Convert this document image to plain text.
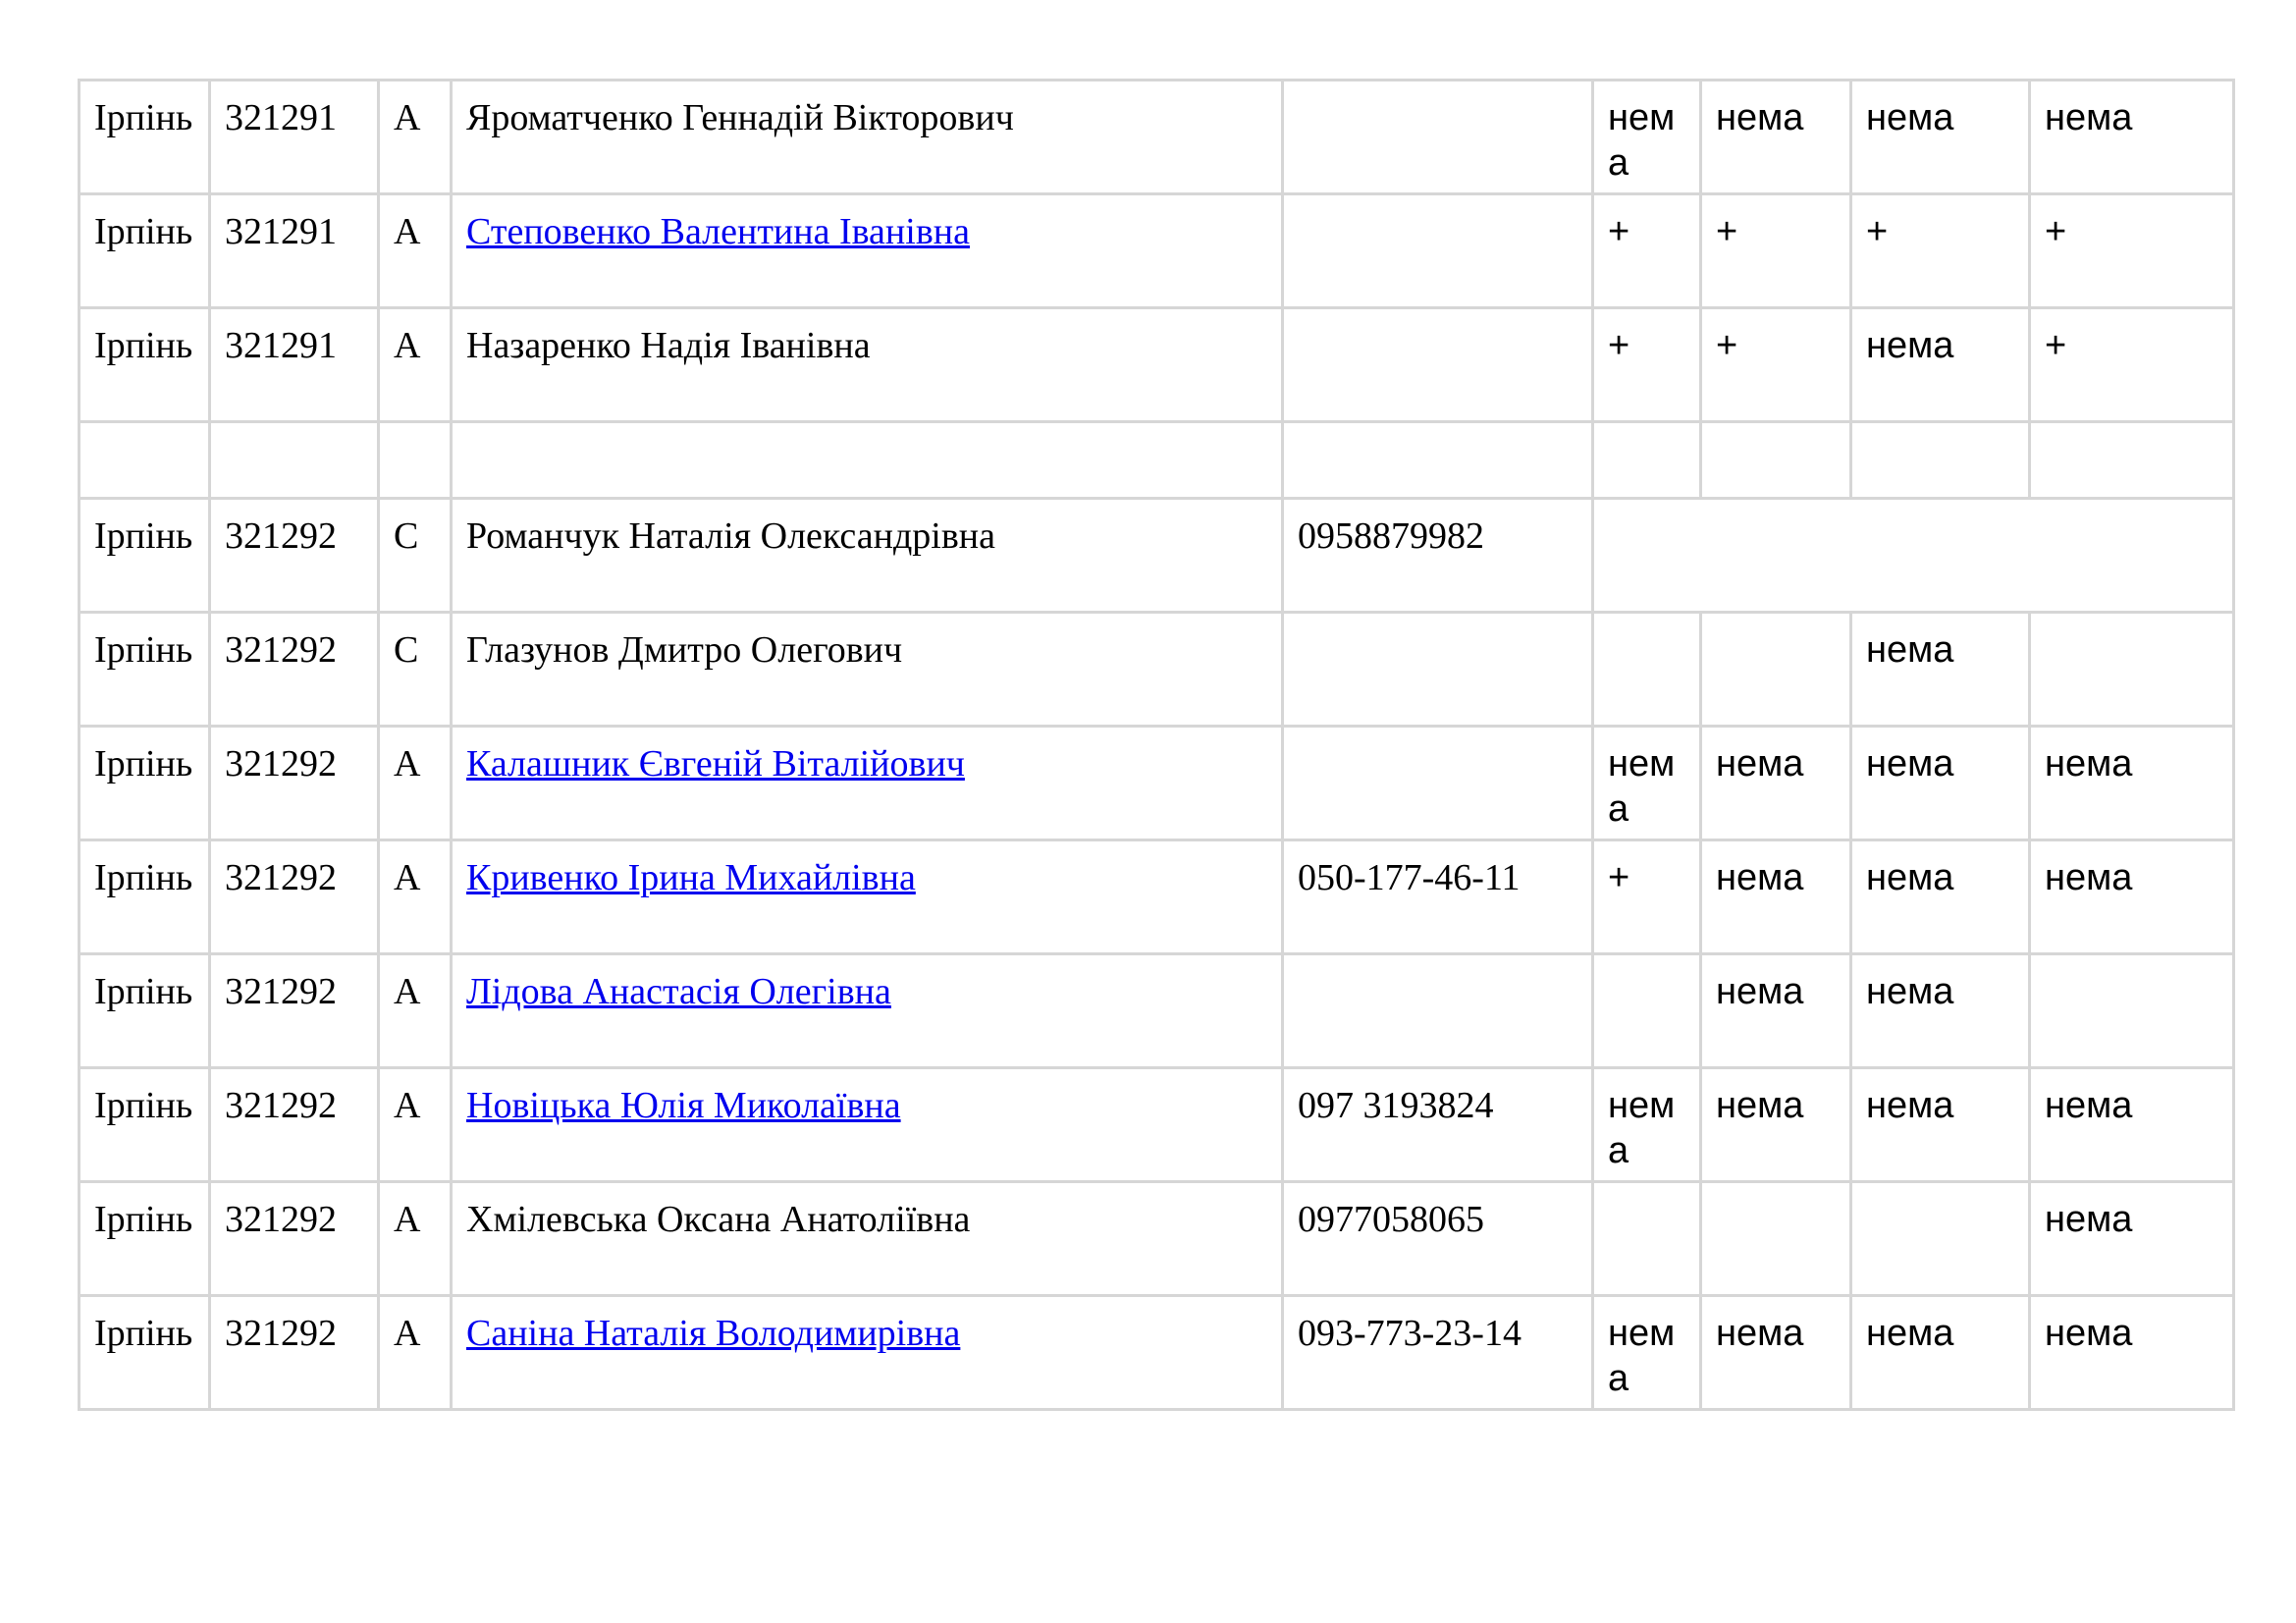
Ірпінь	321291	А	Яроматченко Геннадій Вікторович		нема	нема	нема	нема
Ірпінь	321291	А	Степовенко Валентина Іванівна		+	+	+	+
Ірпінь	321291	А	Назаренко Надія Іванівна		+	+	нема	+

Ірпінь	321292	С	Романчук Наталія Олександрівна	0958879982				
Ірпінь	321292	С	Глазунов Дмитро Олегович				нема	
Ірпінь	321292	А	Калашник Євгеній Віталійович		нема	нема	нема	нема
Ірпінь	321292	А	Кривенко Ірина Михайлівна	050-177-46-11	+	нема	нема	нема
Ірпінь	321292	А	Лідова Анастасія Олегівна			нема	нема	
Ірпінь	321292	А	Новіцька Юлія Миколаївна	097 3193824	нема	нема	нема	нема
Ірпінь	321292	А	Хмілевська Оксана Анатоліївна	0977058065				нема
Ірпінь	321292	А	Саніна Наталія Володимирівна	093-773-23-14	нема	нема	нема	нема
